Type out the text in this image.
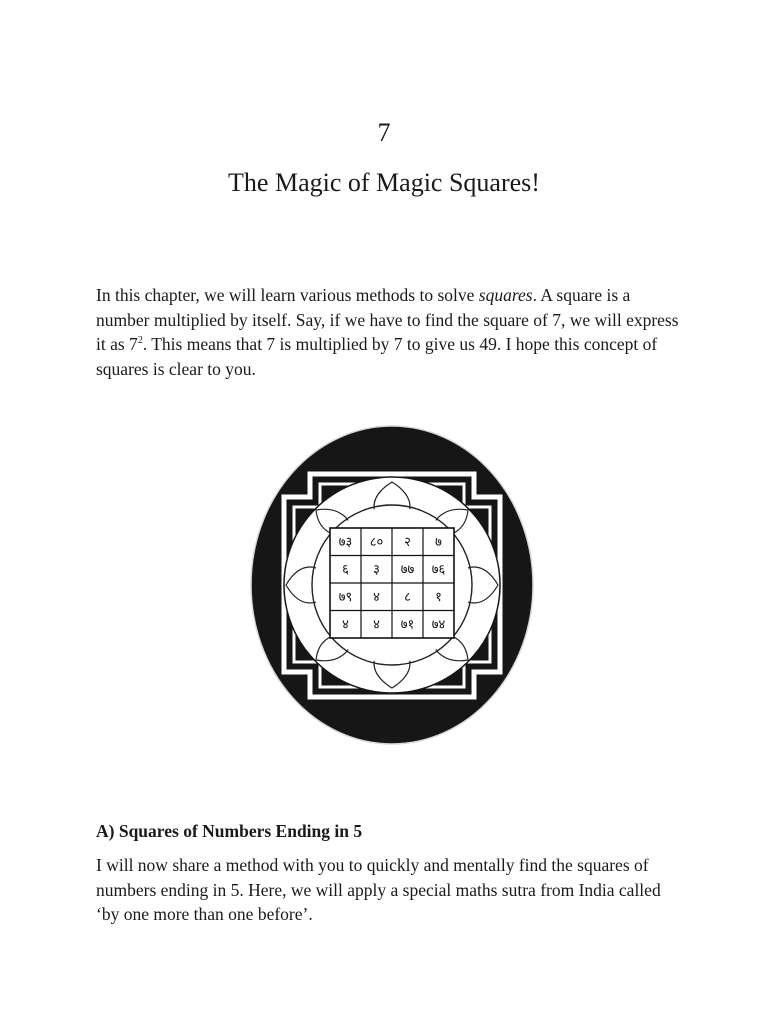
7
The Magic of Magic Squares!

In this chapter, we will learn various methods to solve squares. A square is a number multiplied by itself. Say, if we have to find the square of 7, we will express it as $7^2$. This means that 7 is multiplied by 7 to give us 49. I hope this concept of squares is clear to you.

७३ ८० २ ७
६ ३ ७७ ७६
७९ ४ ८ १
४ ४ ७१ ७४
A) Squares of Numbers Ending in 5

I will now share a method with you to quickly and mentally find the squares of numbers ending in 5. Here, we will apply a special maths sutra from India called ‘by one more than one before’.
